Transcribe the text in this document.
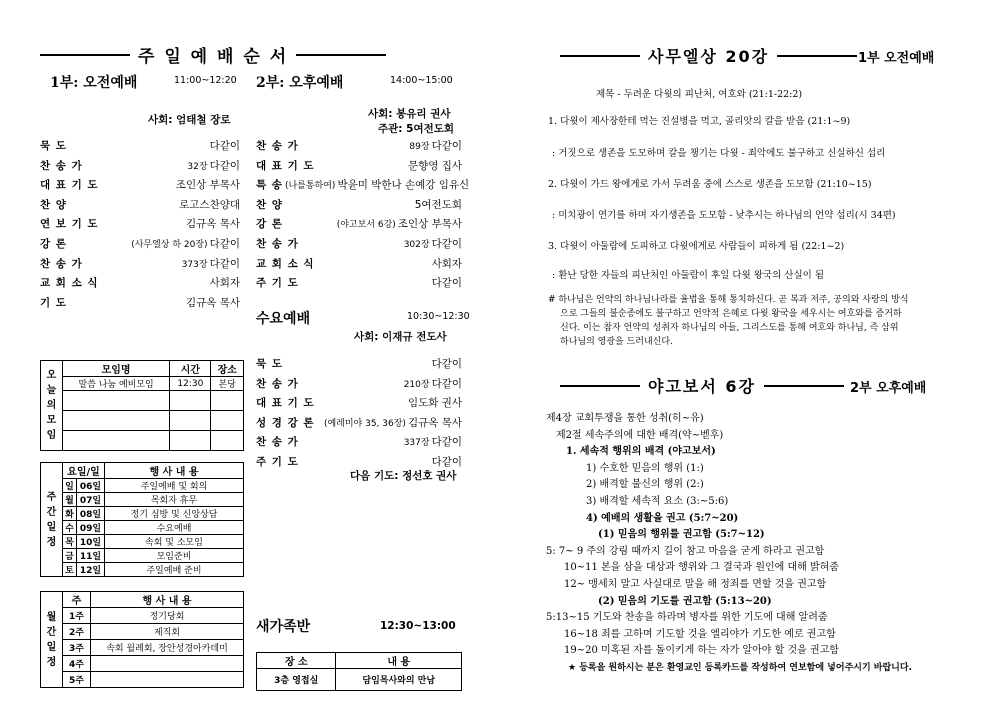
주 일 예 배 순 서
1부: 오전예배	11:00~12:20
사회: 엄태철 장로
묵 도	다같이
찬 송 가	32장 다같이
대 표 기 도	조인상 부목사
찬 양	로고스찬양대
연 보 기 도	김규옥 목사
강 론	(사무엘상 하 20장) 다같이
찬 송 가	373장 다같이
교 회 소 식	사회자
기 도	김규옥 목사
2부: 오후예배	14:00~15:00
사회: 봉유리 권사
주관: 5여전도회
찬 송 가	89장 다같이
대 표 기 도	문향영 집사
특 송 (나를통하여) 박윤미 박한나 손예강 임유신
찬 양	5여전도회
강 론	(야고보서 6강) 조인상 부목사
찬 송 가	302장 다같이
교 회 소 식	사회자
주 기 도	다같이
수요예배	10:30~12:30
사회: 이재규 전도사
묵 도	다같이
찬 송 가	210장 다같이
대 표 기 도	임도화 권사
성 경 강 론	(예레미야 35, 36장) 김규옥 목사
찬 송 가	337장 다같이
주 기 도	다같이
다음 기도: 정선호 권사
오
늘
의
모
임	모임명	시간	장소
	말씀 나눔 예비모임	12:30	본당

주
간
일
정	요일/일		행 사 내 용
	일	06일	주일예배 및 회의
	월	07일	목회자 휴무
	화	08일	정기 심방 및 신앙상담
	수	09일	수요예배
	목	10일	속회 및 소모임
	금	11일	모임준비
	토	12일	주일예배 준비
월
간
일
정	주	행 사 내 용
	1주	정기당회
	2주	제직회
	3주	속회 월례회, 장안성경아카데미
	4주	
	5주	
새가족반	12:30~13:00
장 소	내 용
3층 영접실	담임목사와의 만남
사무엘상 20강	1부 오전예배
제목 - 두려운 다윗의 피난처, 여호와 (21:1-22:2)
1. 다윗이 제사장한테 먹는 진설병을 먹고, 골리앗의 칼을 받음 (21:1~9)
: 거짓으로 생존을 도모하며 칼을 챙기는 다윗 - 죄악에도 불구하고 신실하신 섭리
2. 다윗이 가드 왕에게로 가서 두려움 중에 스스로 생존을 도모함 (21:10~15)
: 미치광이 연기를 하며 자기생존을 도모함 - 낮추시는 하나님의 언약 섭리(시 34편)
3. 다윗이 아둘람에 도피하고 다윗에게로 사람들이 피하게 됨 (22:1~2)
: 환난 당한 자들의 피난처인 아둘람이 후일 다윗 왕국의 산실이 됨
# 하나님은 언약의 하나님나라를 율법을 통해 통치하신다. 곧 복과 저주, 공의와 사랑의 방식
으로 그들의 불순종에도 불구하고 언약적 은혜로 다윗 왕국을 세우시는 여호와를 증거하
신다. 이는 참자 언약의 성취자 하나님의 아들, 그리스도를 통해 여호와 하나님, 즉 삼위
하나님의 영광을 드러내신다.
야고보서 6강	2부 오후예배
제4장 교회투쟁을 통한 성취(히~유)
제2절 세속주의에 대한 배격(약~벧후)
1. 세속적 행위의 배격 (야고보서)
1) 수호한 믿음의 행위 (1:)
2) 배격할 불신의 행위 (2:)
3) 배격할 세속적 요소 (3:~5:6)
4) 예배의 생활을 권고 (5:7~20)
(1) 믿음의 행위를 권고함 (5:7~12)
5: 7~ 9 주의 강림 때까지 길이 참고 마음을 굳게 하라고 권고함
10~11 본을 삼을 대상과 행위와 그 결국과 원인에 대해 밝혀줌
12~ 맹세치 말고 사실대로 말을 해 정죄를 면할 것을 권고함
(2) 믿음의 기도를 권고함 (5:13~20)
5:13~15 기도와 찬송을 하라며 병자를 위한 기도에 대해 알려줌
16~18 죄를 고하며 기도할 것을 엘리야가 기도한 예로 권고함
19~20 미혹된 자를 돌이키게 하는 자가 알아야 할 것을 권고함
★ 등록을 원하시는 분은 환영교인 등록카드를 작성하여 연보함에 넣어주시기 바랍니다.
